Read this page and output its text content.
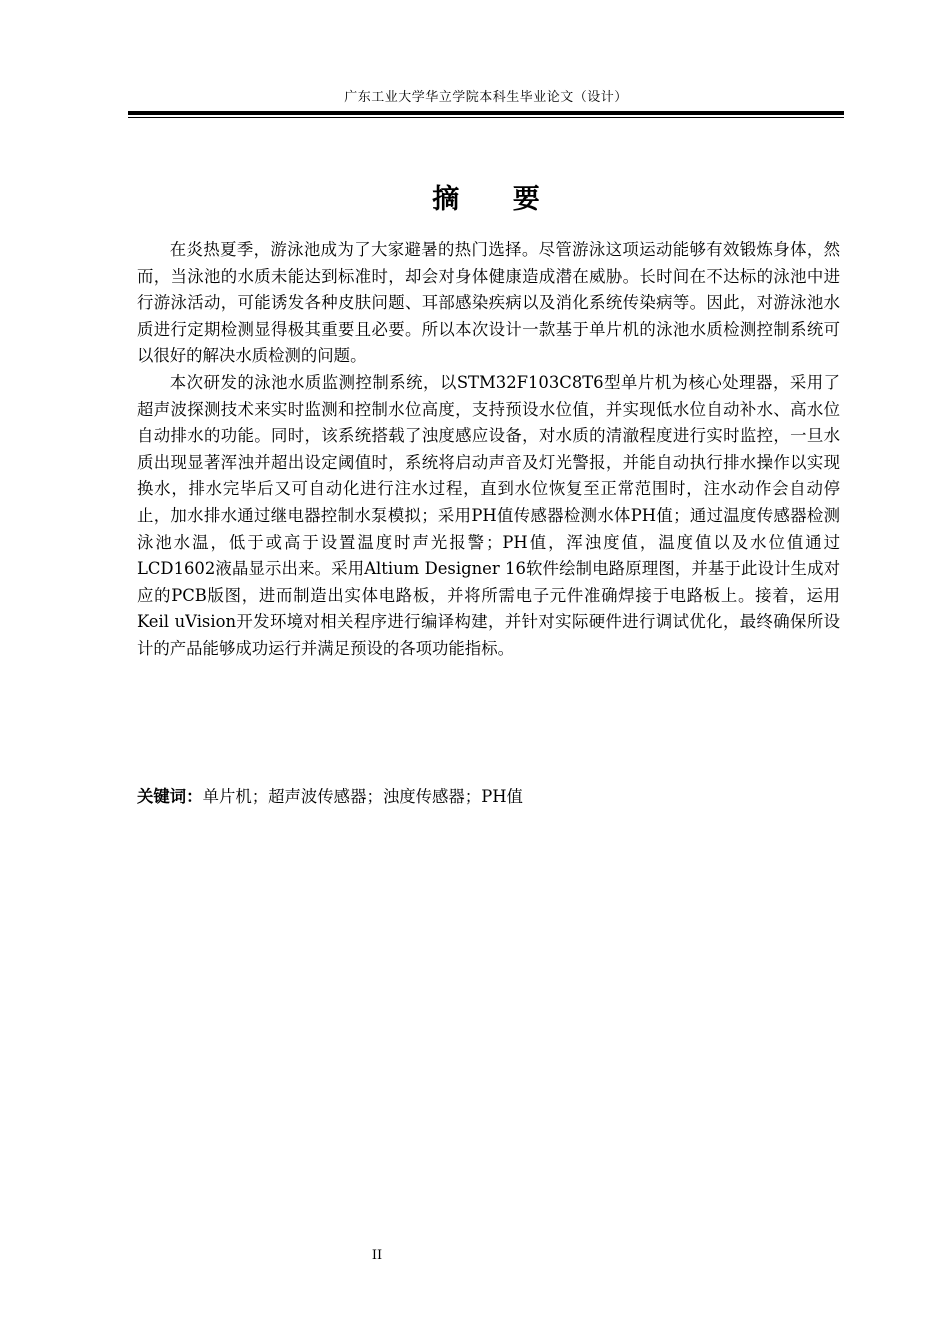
广东工业大学华立学院本科生毕业论文（设计）
摘 要

在炎热夏季，游泳池成为了大家避暑的热门选择。尽管游泳这项运动能够有效锻炼身体，然而，当泳池的水质未能达到标准时，却会对身体健康造成潜在威胁。长时间在不达标的泳池中进行游泳活动，可能诱发各种皮肤问题、耳部感染疾病以及消化系统传染病等。因此，对游泳池水质进行定期检测显得极其重要且必要。所以本次设计一款基于单片机的泳池水质检测控制系统可以很好的解决水质检测的问题。

本次研发的泳池水质监测控制系统，以STM32F103C8T6型单片机为核心处理器，采用了超声波探测技术来实时监测和控制水位高度，支持预设水位值，并实现低水位自动补水、高水位自动排水的功能。同时，该系统搭载了浊度感应设备，对水质的清澈程度进行实时监控，一旦水质出现显著浑浊并超出设定阈值时，系统将启动声音及灯光警报，并能自动执行排水操作以实现换水，排水完毕后又可自动化进行注水过程，直到水位恢复至正常范围时，注水动作会自动停止，加水排水通过继电器控制水泵模拟；采用PH值传感器检测水体PH值；通过温度传感器检测泳池水温，低于或高于设置温度时声光报警；PH值，浑浊度值，温度值以及水位值通过LCD1602液晶显示出来。采用Altium Designer 16软件绘制电路原理图，并基于此设计生成对应的PCB版图，进而制造出实体电路板，并将所需电子元件准确焊接于电路板上。接着，运用Keil uVision开发环境对相关程序进行编译构建，并针对实际硬件进行调试优化，最终确保所设计的产品能够成功运行并满足预设的各项功能指标。

关键词：单片机；超声波传感器；浊度传感器；PH值
II
